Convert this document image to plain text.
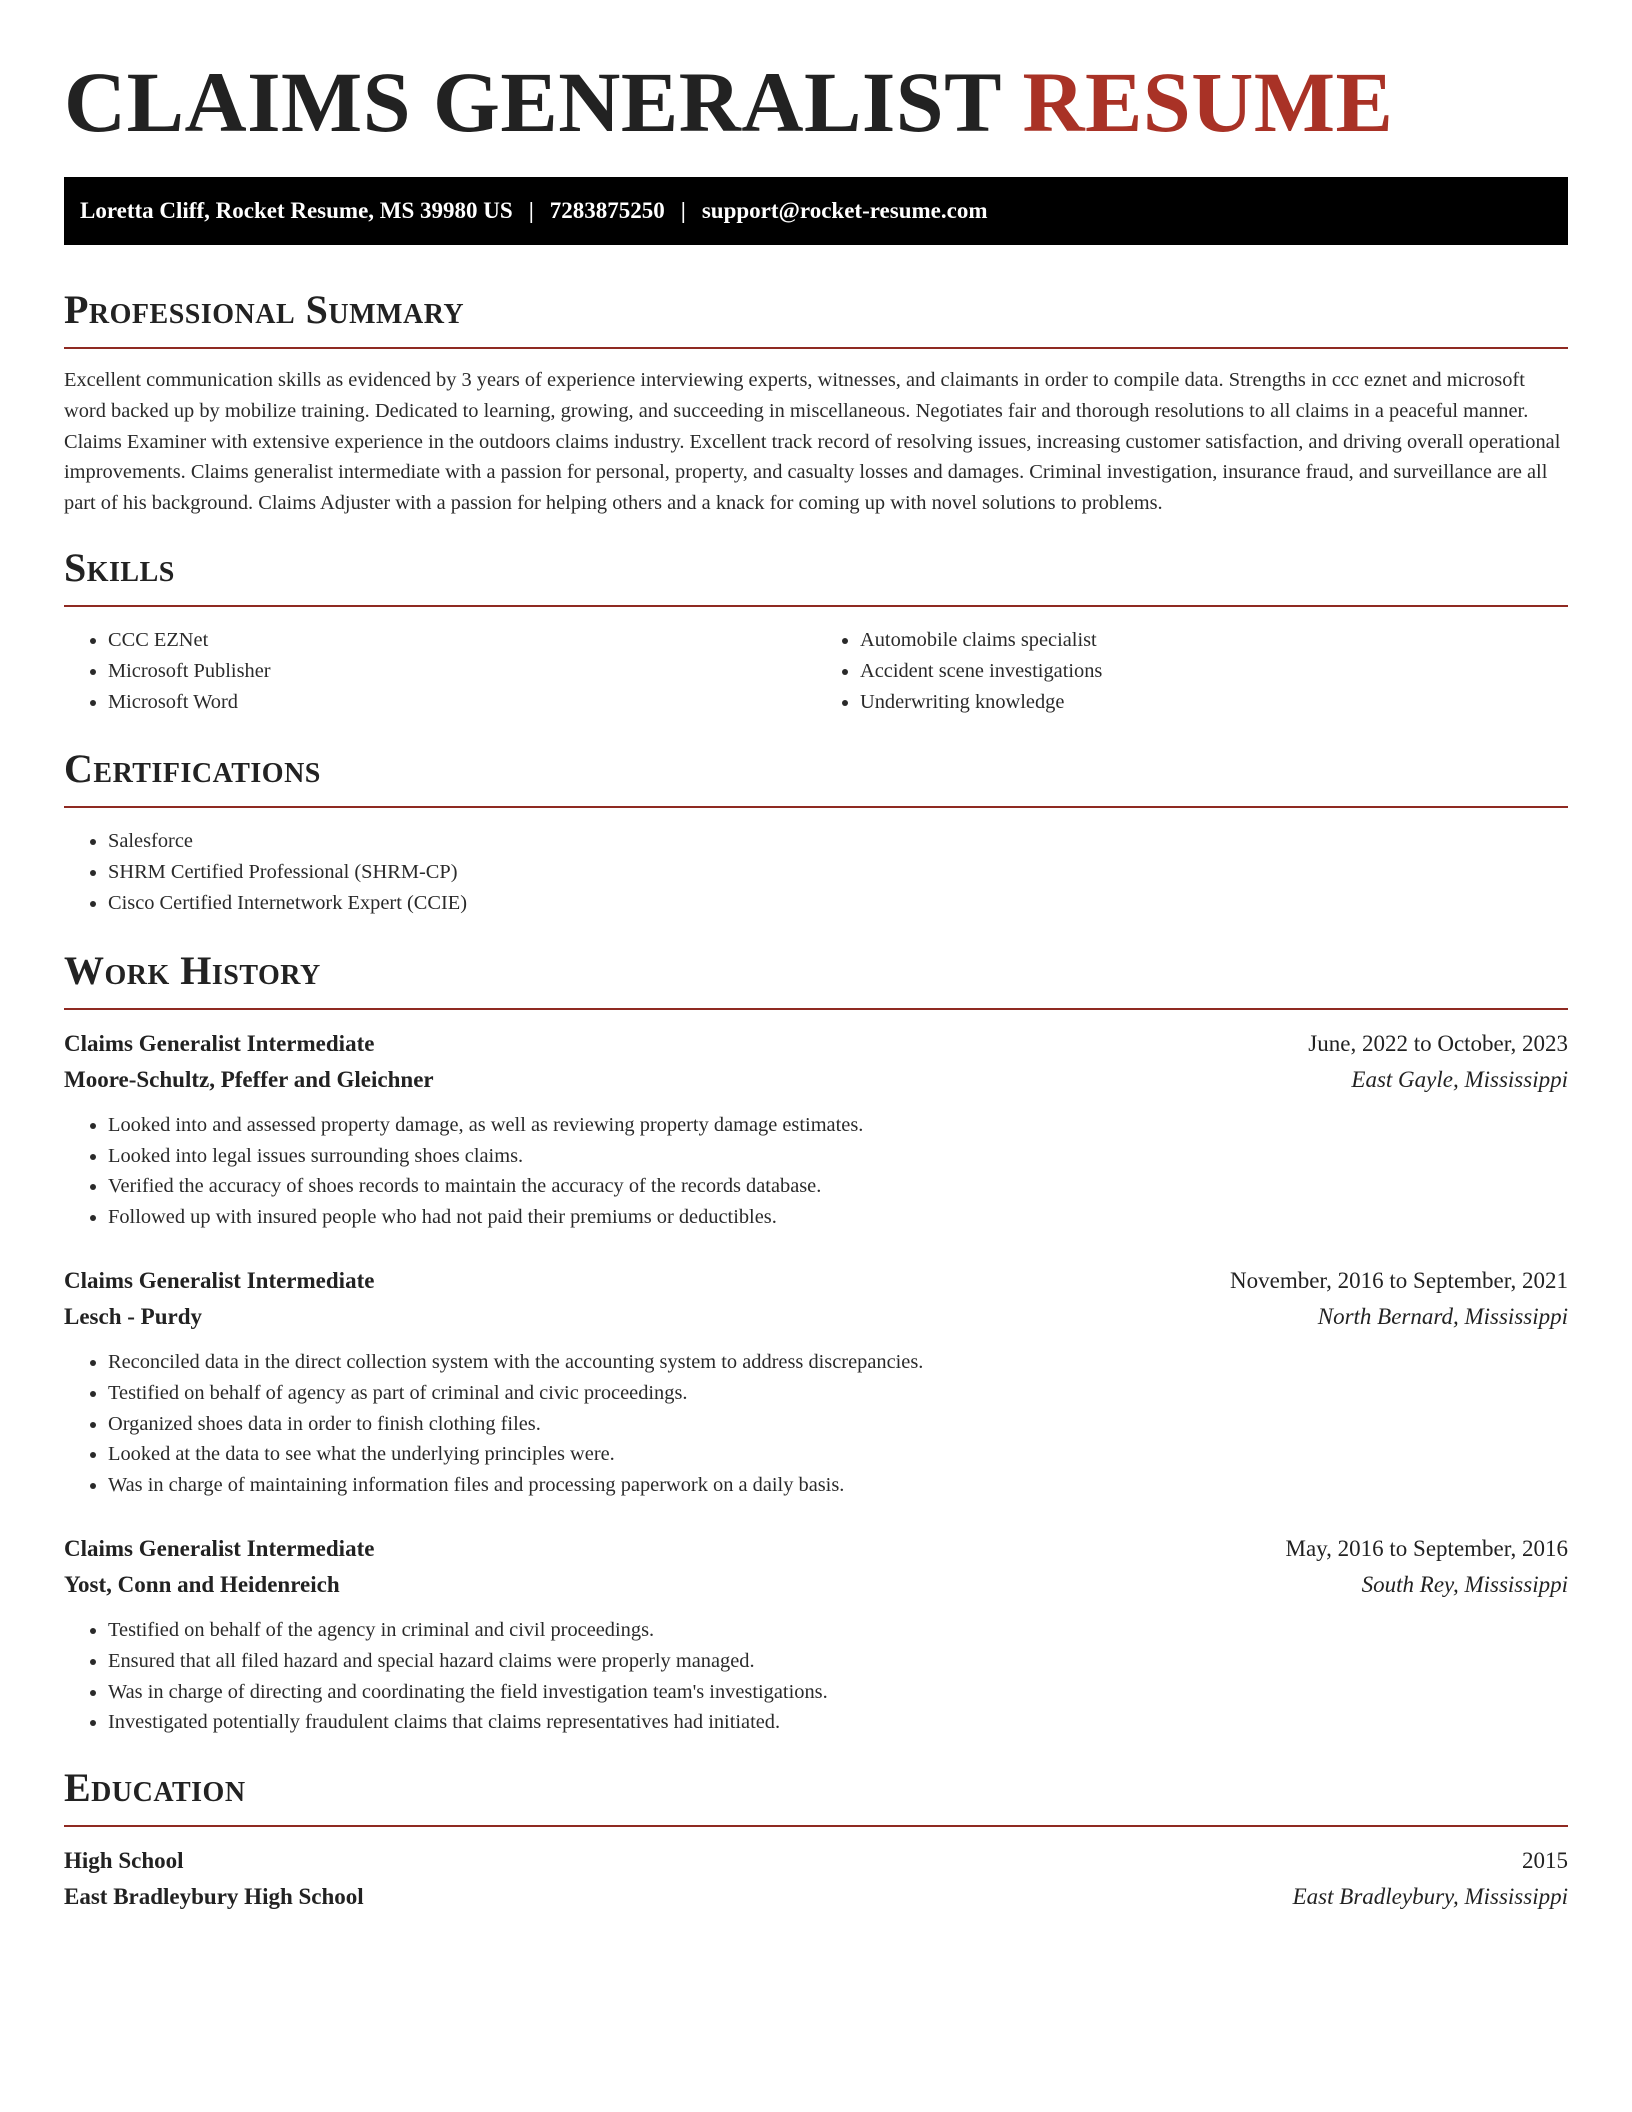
CLAIMS GENERALIST RESUME
Loretta Cliff, Rocket Resume, MS 39980 US | 7283875250 | support@rocket-resume.com
Professional Summary

Excellent communication skills as evidenced by 3 years of experience interviewing experts, witnesses, and claimants in order to compile data. Strengths in ccc eznet and microsoft word backed up by mobilize training. Dedicated to learning, growing, and succeeding in miscellaneous. Negotiates fair and thorough resolutions to all claims in a peaceful manner. Claims Examiner with extensive experience in the outdoors claims industry. Excellent track record of resolving issues, increasing customer satisfaction, and driving overall operational improvements. Claims generalist intermediate with a passion for personal, property, and casualty losses and damages. Criminal investigation, insurance fraud, and surveillance are all part of his background. Claims Adjuster with a passion for helping others and a knack for coming up with novel solutions to problems.

Skills
• CCC EZNet
• Microsoft Publisher
• Microsoft Word
• Automobile claims specialist
• Accident scene investigations
• Underwriting knowledge
Certifications
• Salesforce
• SHRM Certified Professional (SHRM-CP)
• Cisco Certified Internetwork Expert (CCIE)
Work History
Claims Generalist Intermediate	June, 2022 to October, 2023
Moore-Schultz, Pfeffer and Gleichner	East Gayle, Mississippi
• Looked into and assessed property damage, as well as reviewing property damage estimates.
• Looked into legal issues surrounding shoes claims.
• Verified the accuracy of shoes records to maintain the accuracy of the records database.
• Followed up with insured people who had not paid their premiums or deductibles.
Claims Generalist Intermediate	November, 2016 to September, 2021
Lesch - Purdy	North Bernard, Mississippi
• Reconciled data in the direct collection system with the accounting system to address discrepancies.
• Testified on behalf of agency as part of criminal and civic proceedings.
• Organized shoes data in order to finish clothing files.
• Looked at the data to see what the underlying principles were.
• Was in charge of maintaining information files and processing paperwork on a daily basis.
Claims Generalist Intermediate	May, 2016 to September, 2016
Yost, Conn and Heidenreich	South Rey, Mississippi
• Testified on behalf of the agency in criminal and civil proceedings.
• Ensured that all filed hazard and special hazard claims were properly managed.
• Was in charge of directing and coordinating the field investigation team's investigations.
• Investigated potentially fraudulent claims that claims representatives had initiated.
Education
High School	2015
East Bradleybury High School	East Bradleybury, Mississippi
